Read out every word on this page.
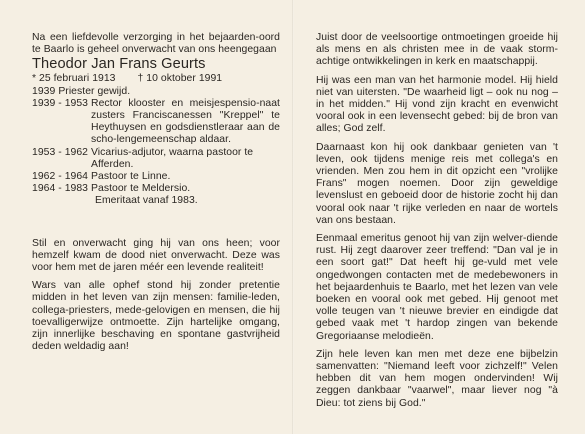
Na een liefdevolle verzorging in het bejaarden-oord te Baarlo is geheel onverwacht van ons heengegaan

Theodor Jan Frans Geurts

* 25 februari 1913 † 10 oktober 1991

1939 Priester gewijd.
1939 - 1953 Rector klooster en meisjespensio-naat zusters Franciscanessen "Kreppel" te Heythuysen en godsdienstleraar aan de scho-lengemeenschap aldaar.
1953 - 1962 Vicarius-adjutor, waarna pastoor te Afferden.
1962 - 1964 Pastoor te Linne.
1964 - 1983 Pastoor te Meldersio.
Emeritaat vanaf 1983.

Stil en onverwacht ging hij van ons heen; voor hemzelf kwam de dood niet onverwacht. Deze was voor hem met de jaren méér een levende realiteit!

Wars van alle ophef stond hij zonder pretentie midden in het leven van zijn mensen: familie-leden, collega-priesters, mede-gelovigen en mensen, die hij toevalligerwijze ontmoette. Zijn hartelijke omgang, zijn innerlijke beschaving en spontane gastvrijheid deden weldadig aan!

Juist door de veelsoortige ontmoetingen groeide hij als mens en als christen mee in de vaak storm-achtige ontwikkelingen in kerk en maatschappij.

Hij was een man van het harmonie model. Hij hield niet van uitersten. "De waarheid ligt – ook nu nog – in het midden." Hij vond zijn kracht en evenwicht vooral ook in een levensecht gebed: bij de bron van alles; God zelf.

Daarnaast kon hij ook dankbaar genieten van 't leven, ook tijdens menige reis met collega's en vrienden. Men zou hem in dit opzicht een "vrolijke Frans" mogen noemen. Door zijn geweldige levenslust en geboeid door de historie zocht hij dan vooral ook naar 't rijke verleden en naar de wortels van ons bestaan.

Eenmaal emeritus genoot hij van zijn welver-diende rust. Hij zegt daarover zeer treffend: "Dan val je in een soort gat!" Dat heeft hij ge-vuld met vele ongedwongen contacten met de medebewoners in het bejaardenhuis te Baarlo, met het lezen van vele boeken en vooral ook met gebed. Hij genoot met volle teugen van 't nieuwe brevier en eindigde dat gebed vaak met 't hardop zingen van bekende Gregoriaanse melodieën.

Zijn hele leven kan men met deze ene bijbelzin samenvatten: "Niemand leeft voor zichzelf!" Velen hebben dit van hem mogen ondervinden! Wij zeggen dankbaar "vaarwel", maar liever nog "à Dieu: tot ziens bij God."
